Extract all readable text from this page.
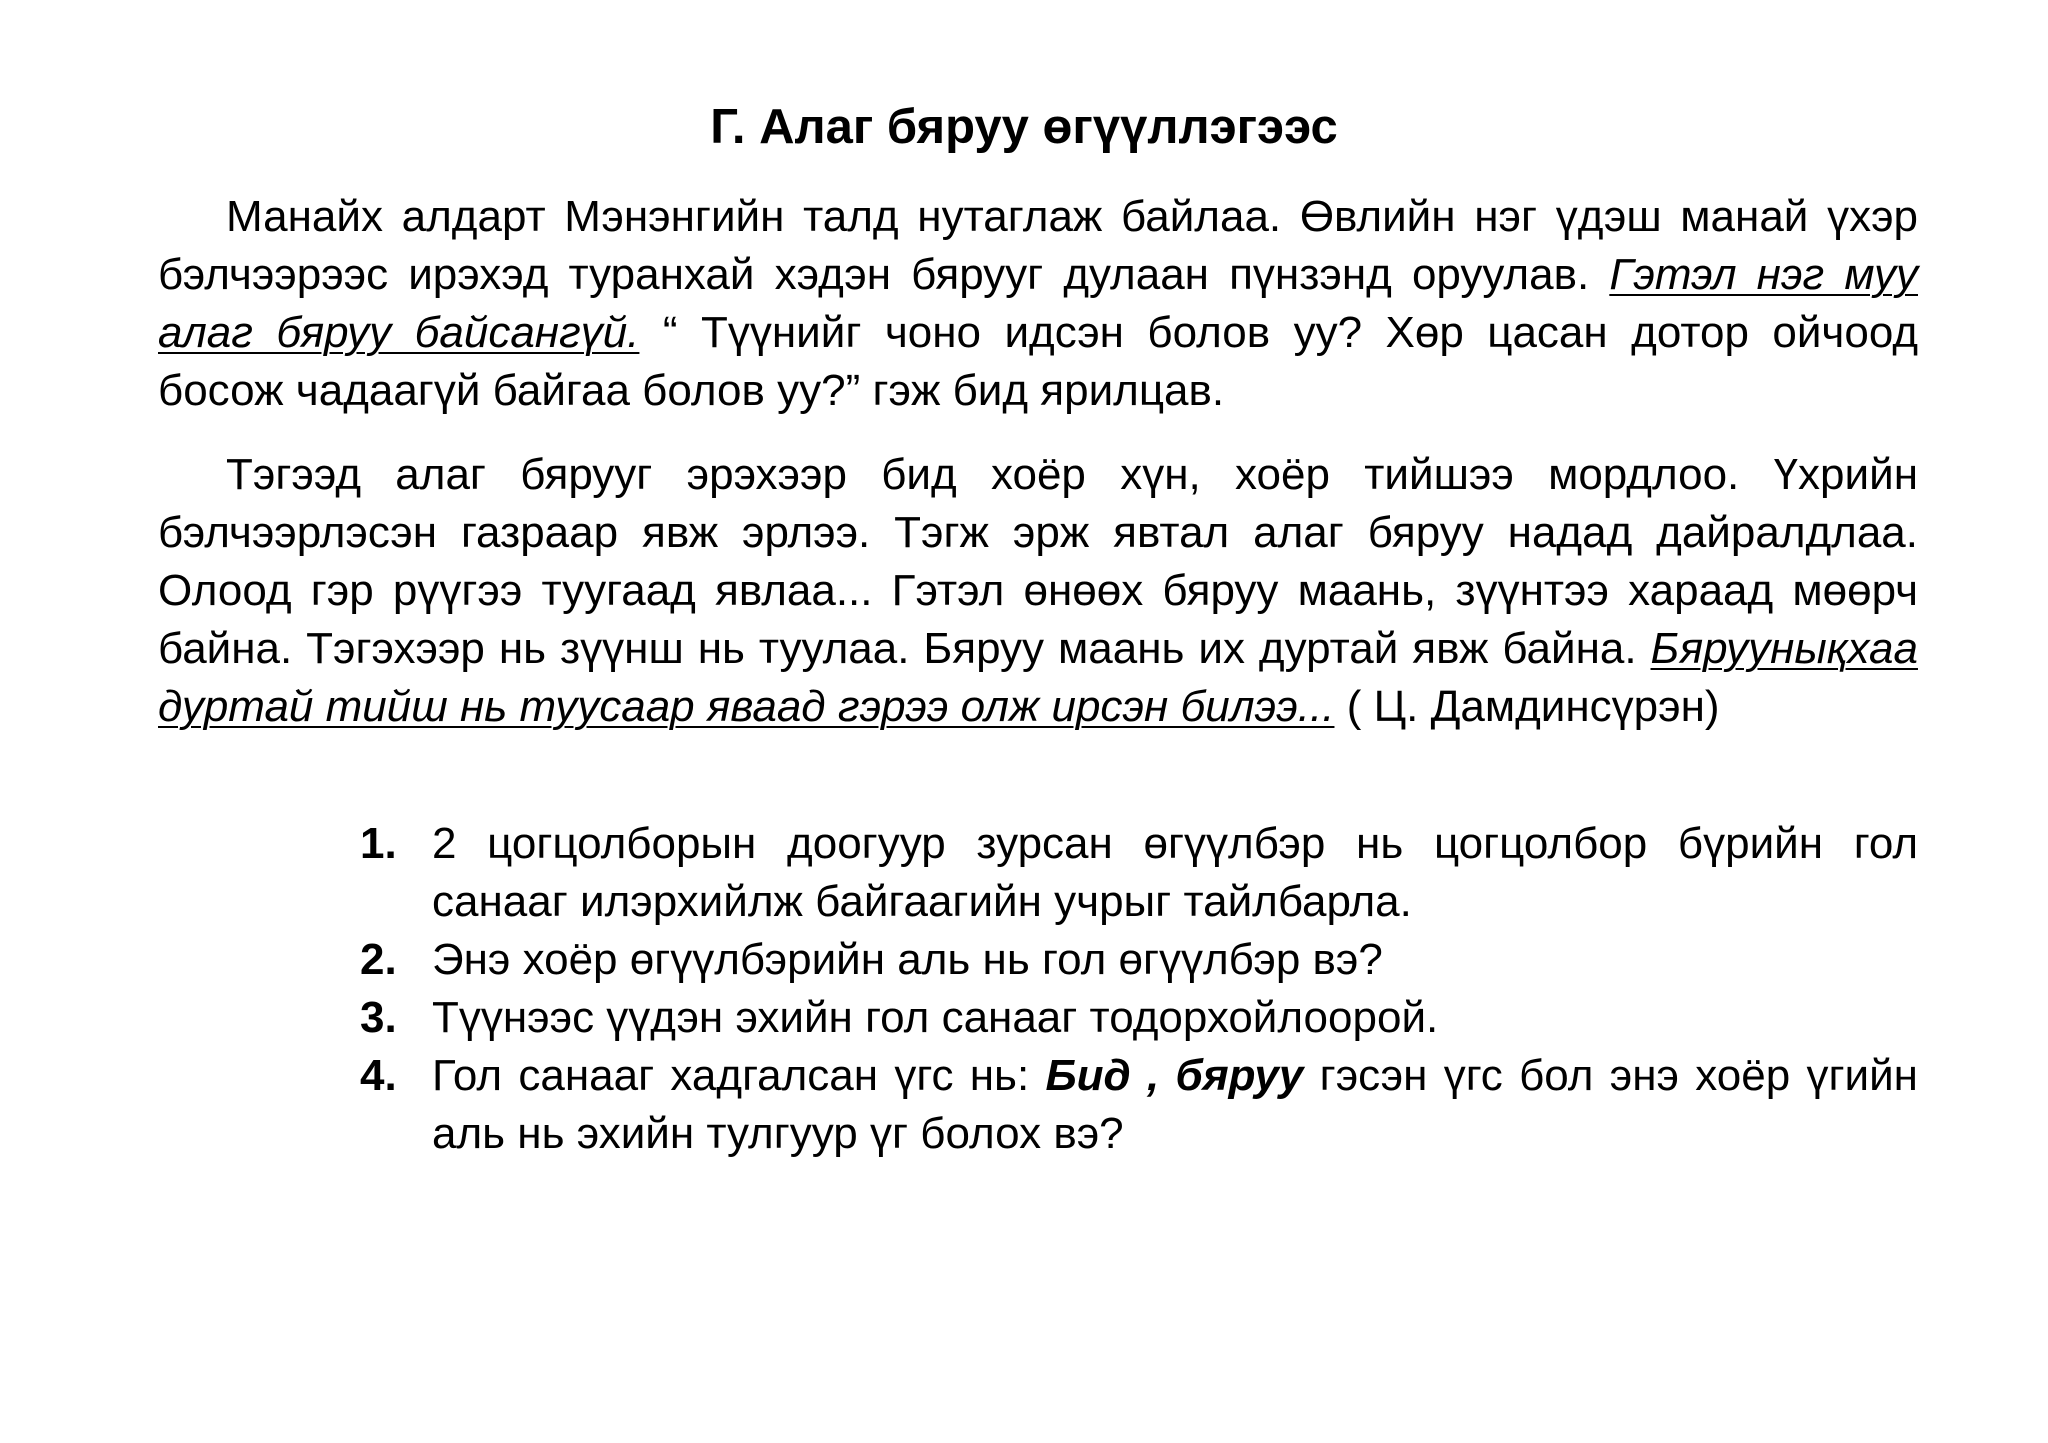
Г. Алаг бяруу өгүүллэгээс

Манайх алдарт Мэнэнгийн талд нутаглаж байлаа. Өвлийн нэг үдэш манай үхэр бэлчээрээс ирэхэд туранхай хэдэн бярууг дулаан пүнзэнд оруулав. Гэтэл нэг муу алаг бяруу байсангүй. “ Түүнийг чоно идсэн болов уу? Хөр цасан дотор ойчоод босож чадаагүй байгаа болов уу?” гэж бид ярилцав.

Тэгээд алаг бярууг эрэхээр бид хоёр хүн, хоёр тийшээ мордлоо. Үхрийн бэлчээрлэсэн газраар явж эрлээ. Тэгж эрж явтал алаг бяруу надад дайралдлаа. Олоод гэр рүүгээ туугаад явлаа... Гэтэл өнөөх бяруу маань, зүүнтээ хараад мөөрч байна. Тэгэхээр нь зүүнш нь туулаа. Бяруу маань их дуртай явж байна. Бяруунықхаа дуртай тийш нь туусаар яваад гэрээ олж ирсэн билээ... ( Ц. Дамдинсүрэн)

1. 2 цогцолборын доогуур зурсан өгүүлбэр нь цогцолбор бүрийн гол санааг илэрхийлж байгаагийн учрыг тайлбарла.
2. Энэ хоёр өгүүлбэрийн аль нь гол өгүүлбэр вэ?
3. Түүнээс үүдэн эхийн гол санааг тодорхойлоорой.
4. Гол санааг хадгалсан үгс нь: Бид , бяруу гэсэн үгс бол энэ хоёр үгийн аль нь эхийн тулгуур үг болох вэ?
